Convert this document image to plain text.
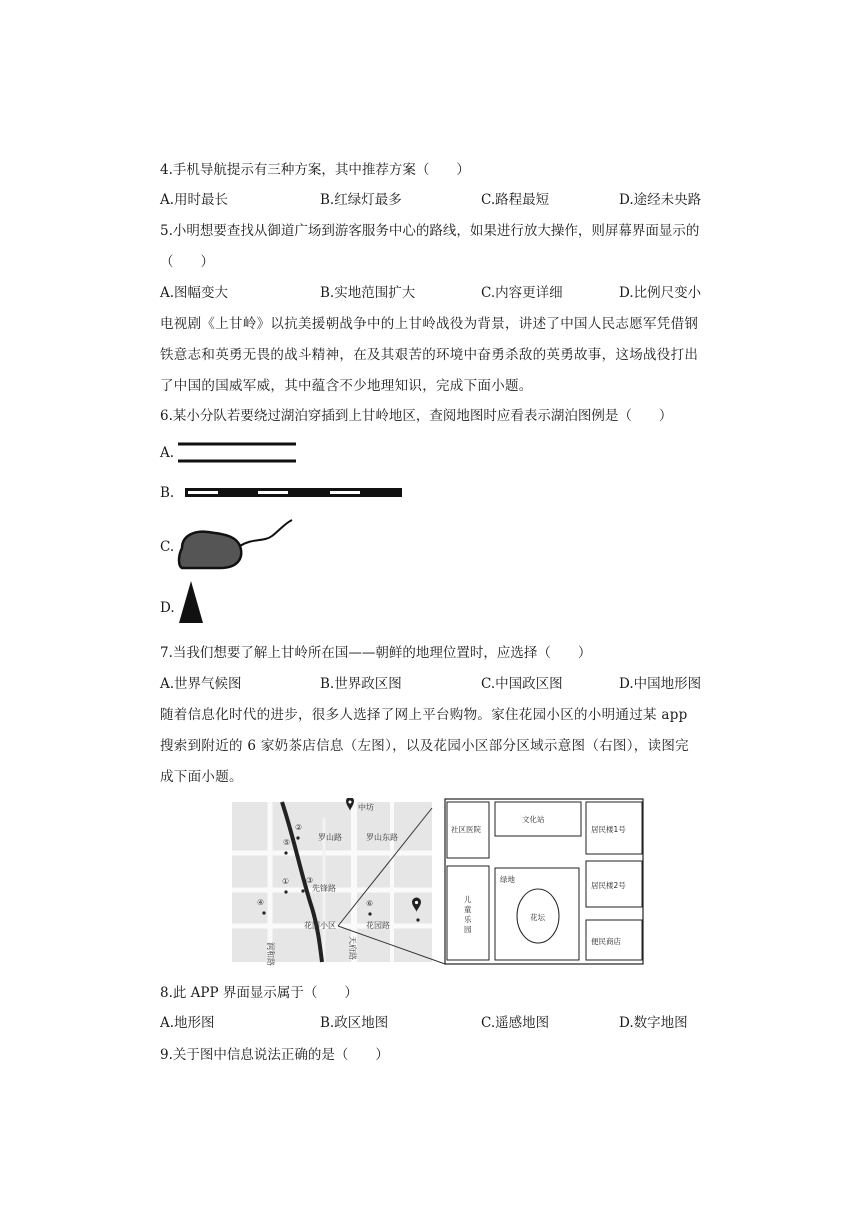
4.手机导航提示有三种方案，其中推荐方案（　　）
A.用时最长	B.红绿灯最多	C.路程最短	D.途经未央路
5.小明想要查找从御道广场到游客服务中心的路线，如果进行放大操作，则屏幕界面显示的
（　　）
A.图幅变大	B.实地范围扩大	C.内容更详细	D.比例尺变小
电视剧《上甘岭》以抗美援朝战争中的上甘岭战役为背景，讲述了中国人民志愿军凭借钢铁意志和英勇无畏的战斗精神，在及其艰苦的环境中奋勇杀敌的英勇故事，这场战役打出了中国的国威军威，其中蕴含不少地理知识，完成下面小题。
6.某小分队若要绕过湖泊穿插到上甘岭地区，查阅地图时应看表示湖泊图例是（　　）
A.
B.
C.
D.
7.当我们想要了解上甘岭所在国——朝鲜的地理位置时，应选择（　　）
A.世界气候图	B.世界政区图	C.中国政区图	D.中国地形图
随着信息化时代的进步，很多人选择了网上平台购物。家住花园小区的小明通过某 app 搜索到附近的 6 家奶茶店信息（左图），以及花园小区部分区域示意图（右图），读图完成下面小题。
中坊
罗山路	罗山东路
先锋路
花园小区	花园路
润和路	天府路
②
⑤
① ③
④	⑥
社区医院
文化站
居民楼1号
儿童乐园
绿地
花坛
居民楼2号
便民商店
8.此 APP 界面显示属于（　　）
A.地形图	B.政区地图	C.遥感地图	D.数字地图
9.关于图中信息说法正确的是（　　）
